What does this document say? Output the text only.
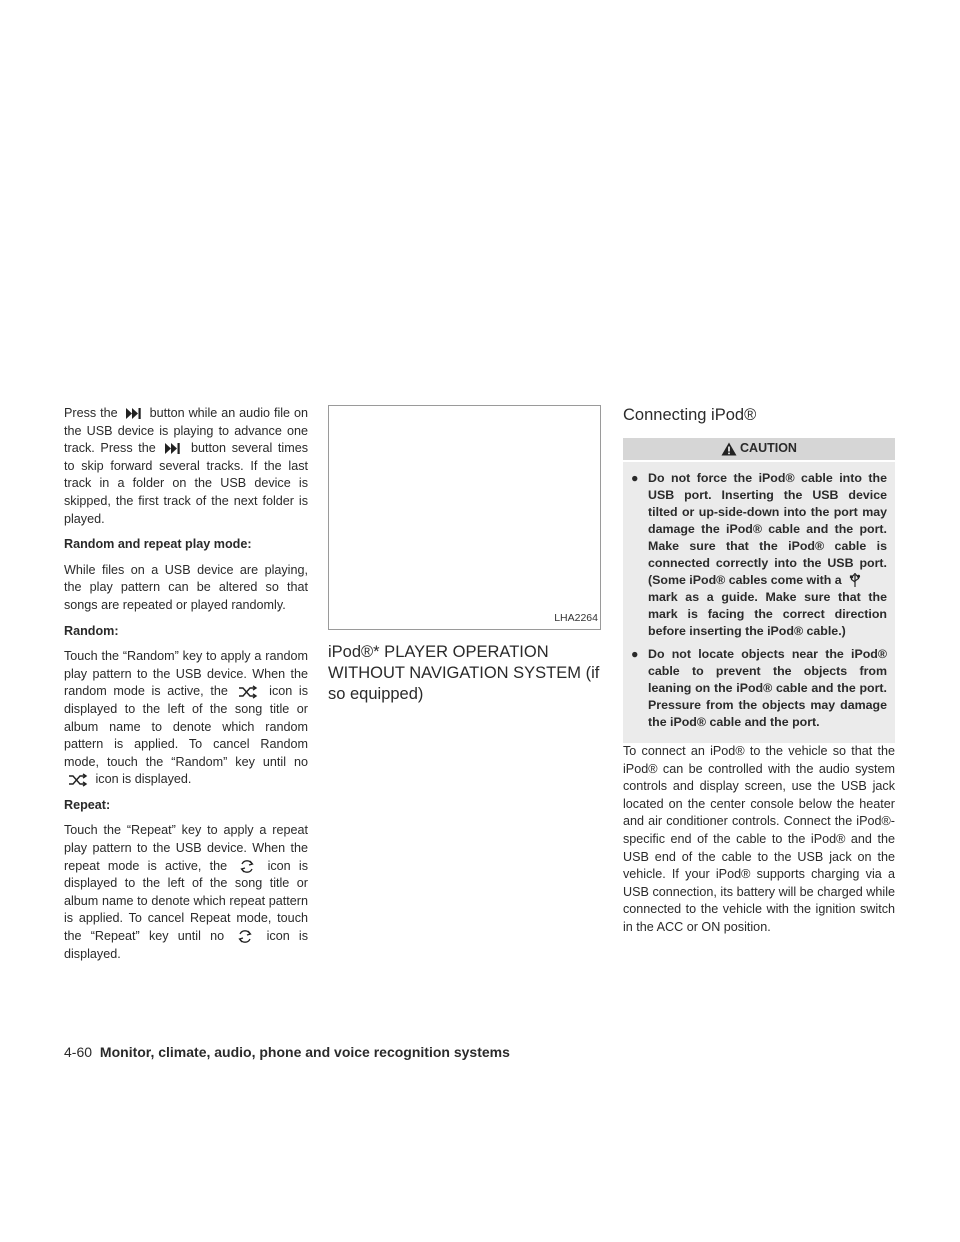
Press the	button while an audio file on the USB device is playing to advance one track. Press the	button several times to skip forward several tracks. If the last track in a folder on the USB device is skipped, the first track of the next folder is played.

Random and repeat play mode:

While files on a USB device are playing, the play pattern can be altered so that songs are repeated or played randomly.

Random:

Touch the “Random” key to apply a random play pattern to the USB device. When the random mode is active, the	icon is displayed to the left of the song title or album name to denote which random pattern is applied. To cancel Random mode, touch the “Random” key until no
icon is displayed.

Repeat:

Touch the “Repeat” key to apply a repeat play pattern to the USB device. When the repeat mode is active, the	icon is displayed to the left of the song title or album name to denote which repeat pattern is applied. To cancel Repeat mode, touch the “Repeat” key until no	icon is displayed.

LHA2264
iPod®* PLAYER OPERATION WITHOUT NAVIGATION SYSTEM (if so equipped)
Connecting iPod®
CAUTION
● Do not force the iPod® cable into the USB port. Inserting the USB device tilted or up-side-down into the port may damage the iPod® cable and the port. Make sure that the iPod® cable is connected correctly into the USB port. (Some iPod® cables come with a

mark as a guide. Make sure that the mark is facing the correct direction before inserting the iPod® cable.)
● Do not locate objects near the iPod® cable to prevent the objects from leaning on the iPod® cable and the port. Pressure from the objects may damage the iPod® cable and the port.

To connect an iPod® to the vehicle so that the iPod® can be controlled with the audio system controls and display screen, use the USB jack located on the center console below the heater and air conditioner controls. Connect the iPod®-specific end of the cable to the iPod® and the USB end of the cable to the USB jack on the vehicle. If your iPod® supports charging via a USB connection, its battery will be charged while connected to the vehicle with the ignition switch in the ACC or ON position.

4-60 Monitor, climate, audio, phone and voice recognition systems
